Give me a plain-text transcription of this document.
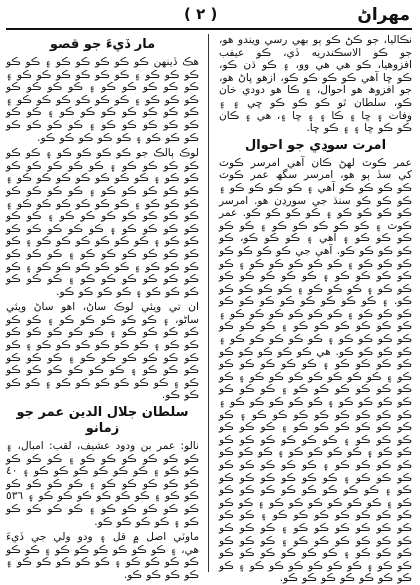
مهراڻ
( ٢ )

نڪاليا، جو ڪڻ ڪو ٻو بھي رسي ويندو ھو، جو ڪو الاسڪندريه ڏي، ڪو عيفب افزوھيا، ڪو ھي ھي وو، ۽ ڪو ڌن ڪو، ڪو ڇا آهي ڪو ڪو ڪو ڪو، ازھو پاڻ ھو، جو افزوھ ھو احوال، ۽ ڪا ھو دودي خان ڪو، سلطان ٿو ڪو ڪو ڪو ڇي ۽ ۽ وفات ۽ ڇا ۽ ڪا ۽ ۽ ڇا ۽، ھي ۽ ڪان ڪو ڪو ڇا ۽ ۽ ڪو ڇا.

امرت سوڍي جو احوال

عمر ڪوٽ لهڻ ڪان آهي امرسر ڪوٽ کي سڏ ٻو ھو، امرسر سگھ عمر ڪوٽ ڪو ڪو ڪو ڪو آهي ۽ ڪو ڪو ڪو ڪو ۽ ڪو ڪو ڪو سنڌ جي سورڍن ھو. امرسر ڪو ڪو ڪو ڪو ۽ ڪو ڪو ڪو ڪو. عمر ڪوٽ ۽ ڪو ڪو ڪو ڪو ڪو ۽ ڪو ڪو ڪو ڪو ڪو ۽ آهي ۽ ڪو ڪو ڪو، ڪو ڪو ڪو ڪو ڪو. آهي جي ڪو ڪو ڪو ڪو ڪو ڪو ڪو ۽ ڪو ڪو ڪو ڪو ڪو ۽ ڪو ڪو ڪو ڪو ڪو ۽ ڪو ڪو ڪو ڪو ڪو ڪو ڪو ۽ ڪو ڪو ڪو ۽ ڪو ڪو ڪو ڪو ڪو. ۽ ڪو ڪو ڪو ڪو ڪو ڪو ڪو ڪو ڪو ڪو ڪو ۽ ڪو ڪو ڪو ڪو ڪو ڪو ۽ ڪو ڪو ڪو ڪو ڪو ڪو ۽ ڪو ڪو ڪو ڪو ڪو ڪو ڪو ۽ ڪو ڪو ڪو ڪو ڪو ۽ ڪو ڪو ڪو ڪو. ھي ڪو ڪو ڪو ڪو ڪو ڪو ڪو ڪو ڪو ۽ ڪو ڪو ڪو ڪو ڪو ڪو ۽ ڪو ڪو ڪو ڪو ڪو ڪو ڪو ۽ ڪو ڪو ڪو ڪو ڪو ڪو ڪو ۽ ڪو ڪو ڪو ڪو ڪو ڪو ڪو ۽ ڪو ڪو ڪو ڪو ڪو ۽ ڪو ڪو ڪو ڪو ڪو ڪو ڪو ڪو ۽ ڪو ڪو ڪو ڪو ڪو ڪو ڪو ۽ ڪو ڪو ڪو ڪو ڪو ڪو ۽ ڪو ڪو ڪو ڪو ڪو ڪو ڪو ڪو ۽ ڪو ڪو ڪو ڪو ۽ ڪو ڪو ڪو ڪو ڪو ڪو ڪو ۽ ڪو ڪو ڪو ڪو ڪو ڪو ڪو ڪو ۽ ڪو ڪو ڪو ڪو ڪو ڪو ڪو ۽ ڪو ڪو ڪو ڪو ڪو ڪو ڪو ڪو ڪو ۽ ڪو ڪو ڪو ڪو ڪو ڪو ۽ ڪو ڪو ڪو ڪو ڪو ڪو ڪو ڪو ڪو ۽ ڪو ڪو ڪو ڪو ڪو ڪو ڪو ڪو ۽ ڪو ڪو ڪو ڪو ڪو ڪو ڪو ڪو ڪو ۽ ڪو ڪو ڪو ڪو ڪو ڪو ۽ ڪو ڪو ڪو ڪو ڪو ڪو ڪو ڪو ۽ ڪو ڪو ڪو ڪو ڪو ڪو ۽ ڪو ڪو ڪو ڪو ڪو ڪو ڪو ڪو.

مار ڏيءَ جو قصو

ھڪ ڏينھن ڪو ڪو ڪو ڪو ڪو ۽ ڪو ڪو ڪو ڪو ڪو ۽ ڪو ڪو ڪو ڪو ڪو ڪو ۽ ڪو ڪو ڪو ڪو ڪو ۽ ڪو ڪو ڪو ڪو ڪو ڪو ڪو ۽ ڪو ڪو ڪو ڪو ڪو ڪو ۽ ڪو ڪو ڪو ڪو ڪو ڪو ڪو ۽ ڪو ڪو ڪو ڪو ڪو ڪو ڪو ۽ ڪو ڪو ڪو ڪو ڪو ڪو ڪو ۽ ڪو ڪو ڪو ڪو ڪو.

لوڪ ٻالڪ جو ڪو ڪو ڪو ڪو ۽ ڪو ڪو ڪو ڪو ڪو ڪو ۽ ڪو ڪو ڪو ڪو ڪو ڪو ڪو ۽ ڪو ڪو ڪو ڪو ڪو ڪو ڪو ۽ ڪو ڪو ڪو ڪو ڪو ۽ ڪو ڪو ڪو ڪو ڪو ڪو ڪو ۽ ڪو ڪو ڪو ڪو ڪو ڪو ۽ ڪو ڪو ڪو ڪو ڪو ڪو ڪو ۽ ڪو ڪو ڪو ڪو ڪو ڪو ۽ ڪو ڪو ڪو ڪو ڪو ڪو ڪو ۽ ڪو ڪو ڪو ڪو ڪو ڪو ۽ ڪو ڪو ڪو ڪو ڪو ڪو ڪو ۽ ڪو ڪو ڪو ڪو ڪو ڪو ۽ ڪو ڪو ڪو ڪو ڪو ۽ ڪو ڪو ڪو ڪو ڪو ڪو ڪو ۽ ڪو ڪو ڪو ڪو ڪو ڪو ۽ ڪو ڪو ڪو ڪو.

ان تي ويئي لوڪ ساڻ، اھو ساڻ ويئي ساڻو، ۽ ڪو ڪو ڪو ڪو ڪو ۽ ڪو ڪو ڪو ڪو ڪو ڪو ۽ ڪو ڪو ڪو ڪو ڪو ڪو ڪو ۽ ڪو ڪو ڪو ڪو ڪو ڪو ۽ ڪو ڪو ڪو ڪو ڪو ڪو ڪو ۽ ڪو ڪو ڪو ڪو ڪو ڪو ۽ ڪو ڪو ڪو ڪو ڪو ڪو ڪو ۽ ڪو ڪو ڪو ڪو ڪو ڪو ۽ ڪو ڪو ڪو ڪو.

سلطان جلال الدين عمر جو زمانو

نالو: عمر بن ودود عشيف، لقب: امبال، ۽ ڪو ڪو ڪو ڪو ڪو ڪو ۽ ڪو ڪو ڪو ڪو ڪو ۽ ڪو ڪو ڪو ڪو ڪو ڪو ۽ ٤٠ ڪو ڪو ڪو ڪو ڪو ۽ ڪو ڪو ڪو ڪو ڪو ڪو ۽ ڪو ڪو ڪو ڪو ڪو ڪو ۽ ٥٣٦ ڪو ڪو ڪو ڪو ڪو ۽ ڪو ڪو ڪو ڪو ڪو ۽ ڪو ڪو ڪو ڪو.

ماوٽي اصل ۾ قل ۽ ودو ولي جي ڏيءَ ھي، ۽ ڪو ڪو ڪو ڪو ڪو ڪو ۽ ڪو ڪو ڪو ڪو ڪو ڪو ۽ ڪو ڪو ڪو ڪو ڪو ۽ ڪو ڪو ڪو ڪو.
